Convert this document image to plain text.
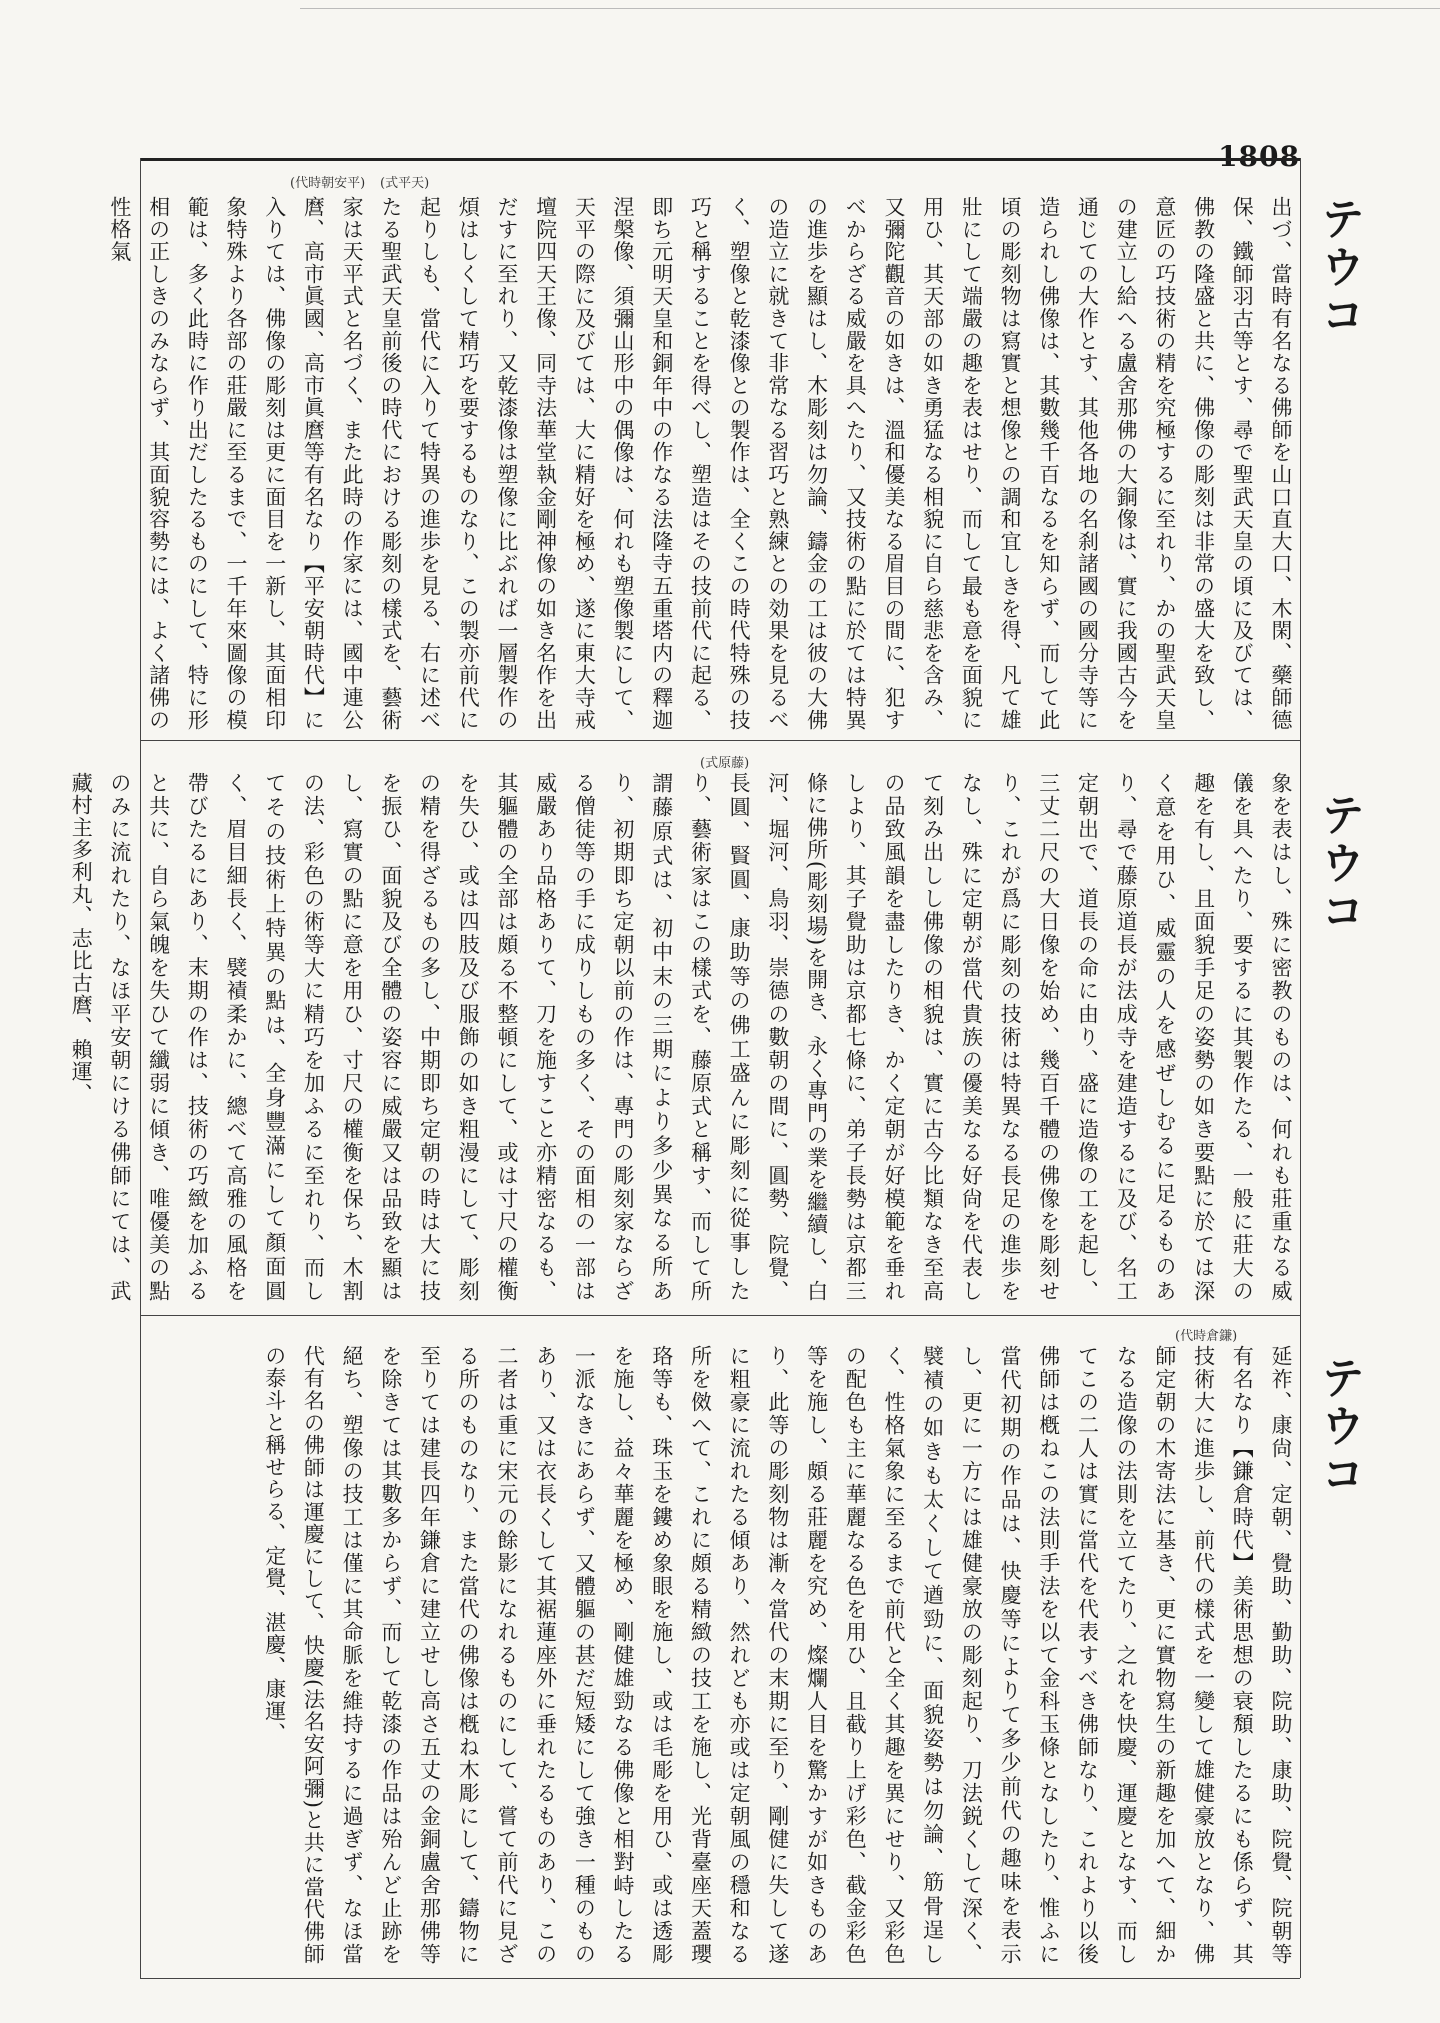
1808
(代時朝安平) (式平天)
(式原藤)
(代時倉鎌)
テウコ
出づ、當時有名なる佛師を山口直大口、木閑、藥師德保、鐵師羽古等とす、尋で聖武天皇の頃に及びては、佛教の隆盛と共に、佛像の彫刻は非常の盛大を致し、意匠の巧技術の精を究極するに至れり、かの聖武天皇の建立し給へる盧舍那佛の大銅像は、實に我國古今を通じての大作とす、其他各地の名刹諸國の國分寺等に造られし佛像は、其數幾千百なるを知らず、而して此頃の彫刻物は寫實と想像との調和宜しきを得、凡て雄壯にして端嚴の趣を表はせり、而して最も意を面貌に用ひ、其天部の如き勇猛なる相貌に自ら慈悲を含み、又彌陀觀音の如きは、溫和優美なる眉目の間に、犯すべからざる威嚴を具へたり、又技術の點に於ては特異の進歩を顯はし、木彫刻は勿論、鑄金の工は彼の大佛の造立に就きて非常なる習巧と熟練との効果を見るべく、塑像と乾漆像との製作は、全くこの時代特殊の技巧と稱することを得べし、塑造はその技前代に起る、即ち元明天皇和銅年中の作なる法隆寺五重塔内の釋迦涅槃像、須彌山形中の偶像は、何れも塑像製にして、天平の際に及びては、大に精好を極め、遂に東大寺戒壇院四天王像、同寺法華堂執金剛神像の如き名作を出だすに至れり、又乾漆像は塑像に比ぶれば一層製作の煩はしくして精巧を要するものなり、この製亦前代に起りしも、當代に入りて特異の進歩を見る、右に述べたる聖武天皇前後の時代における彫刻の樣式を、藝術家は天平式と名づく、また此時の作家には、國中連公麿、高市眞國、高市眞麿等有名なり【平安朝時代】に入りては、佛像の彫刻は更に面目を一新し、其面相印象特殊より各部の莊嚴に至るまで、一千年來圖像の模範は、多く此時に作り出だしたるものにして、特に形相の正しきのみならず、其面貌容勢には、よく諸佛の性格氣
テウコ
象を表はし、殊に密教のものは、何れも莊重なる威儀を具へたり、要するに其製作たる、一般に莊大の趣を有し、且面貌手足の姿勢の如き要點に於ては深く意を用ひ、威靈の人を感ぜしむるに足るものあり、尋で藤原道長が法成寺を建造するに及び、名工定朝出で、道長の命に由り、盛に造像の工を起し、三丈二尺の大日像を始め、幾百千體の佛像を彫刻せり、これが爲に彫刻の技術は特異なる長足の進歩をなし、殊に定朝が當代貴族の優美なる好尙を代表して刻み出しし佛像の相貌は、實に古今比類なき至高の品致風韻を盡したりき、かく定朝が好模範を垂れしより、其子覺助は京都七條に、弟子長勢は京都三條に佛所(彫刻場)を開き、永く專門の業を繼續し、白河、堀河、鳥羽、崇德の數朝の間に、圓勢、院覺、長圓、賢圓、康助等の佛工盛んに彫刻に從事したり、藝術家はこの樣式を、藤原式と稱す、而して所謂藤原式は、初中末の三期により多少異なる所あり、初期即ち定朝以前の作は、專門の彫刻家ならざる僧徒等の手に成りしもの多く、その面相の一部は威嚴あり品格ありて、刀を施すこと亦精密なるも、其軀體の全部は頗る不整頓にして、或は寸尺の權衡を失ひ、或は四肢及び服飾の如き粗漫にして、彫刻の精を得ざるもの多し、中期即ち定朝の時は大に技を振ひ、面貌及び全體の姿容に威嚴又は品致を顯はし、寫實の點に意を用ひ、寸尺の權衡を保ち、木割の法、彩色の術等大に精巧を加ふるに至れり、而してその技術上特異の點は、全身豐滿にして顏面圓く、眉目細長く、襞襀柔かに、總べて高雅の風格を帶びたるにあり、末期の作は、技術の巧緻を加ふると共に、自ら氣魄を失ひて纖弱に傾き、唯優美の點のみに流れたり、なほ平安朝にける佛師にては、武藏村主多利丸、志比古麿、賴運、
テウコ
延祚、康尙、定朝、覺助、勤助、院助、康助、院覺、院朝等有名なり【鎌倉時代】美術思想の衰頽したるにも係らず、其技術大に進歩し、前代の樣式を一變して雄健豪放となり、佛師定朝の木寄法に基き、更に實物寫生の新趣を加へて、細かなる造像の法則を立てたり、之れを快慶、運慶となす、而してこの二人は實に當代を代表すべき佛師なり、これより以後佛師は槪ねこの法則手法を以て金科玉條となしたり、惟ふに當代初期の作品は、快慶等によりて多少前代の趣味を表示し、更に一方には雄健豪放の彫刻起り、刀法鋭くして深く、襞襀の如きも太くして遒勁に、面貌姿勢は勿論、筋骨逞しく、性格氣象に至るまで前代と全く其趣を異にせり、又彩色の配色も主に華麗なる色を用ひ、且截り上げ彩色、截金彩色等を施し、頗る莊麗を究め、燦爛人目を驚かすが如きものあり、此等の彫刻物は漸々當代の末期に至り、剛健に失して遂に粗豪に流れたる傾あり、然れども亦或は定朝風の穩和なる所を傚へて、これに頗る精緻の技工を施し、光背臺座天蓋瓔珞等も、珠玉を鏤め象眼を施し、或は毛彫を用ひ、或は透彫を施し、益々華麗を極め、剛健雄勁なる佛像と相對峙したる一派なきにあらず、又體軀の甚だ短矮にして強き一種のものあり、又は衣長くして其裾蓮座外に垂れたるものあり、この二者は重に宋元の餘影になれるものにして、嘗て前代に見ざる所のものなり、また當代の佛像は槪ね木彫にして、鑄物に至りては建長四年鎌倉に建立せし高さ五丈の金銅盧舍那佛等を除きては其數多からず、而して乾漆の作品は殆んど止跡を絕ち、塑像の技工は僅に其命脈を維持するに過ぎず、なほ當代有名の佛師は運慶にして、快慶(法名安阿彌)と共に當代佛師の泰斗と稱せらる、定覺、湛慶、康運、
